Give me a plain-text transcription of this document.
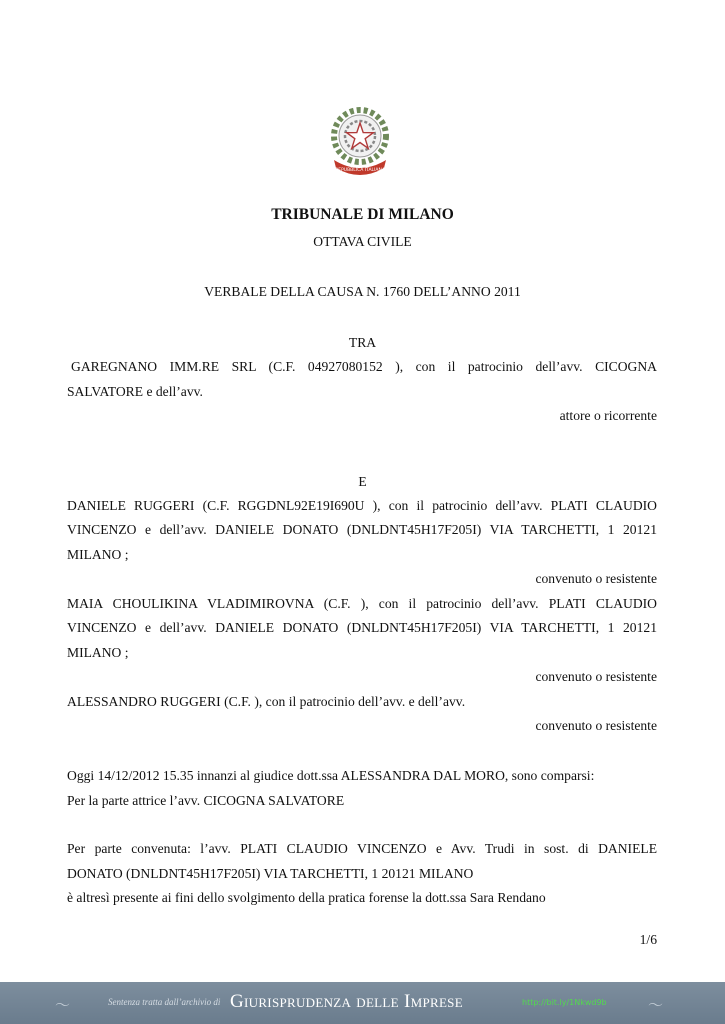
REPUBBLICA ITALIANA
TRIBUNALE DI MILANO
OTTAVA CIVILE
VERBALE DELLA CAUSA N. 1760 DELL’ANNO 2011
TRA
GAREGNANO IMM.RE SRL (C.F. 04927080152 ), con il patrocinio dell’avv. CICOGNA
SALVATORE e dell’avv.
attore o ricorrente
E
DANIELE RUGGERI (C.F. RGGDNL92E19I690U ), con il patrocinio dell’avv. PLATI CLAUDIO
VINCENZO e dell’avv. DANIELE DONATO (DNLDNT45H17F205I) VIA TARCHETTI, 1 20121
MILANO ;
convenuto o resistente
MAIA CHOULIKINA VLADIMIROVNA (C.F. ), con il patrocinio dell’avv. PLATI CLAUDIO
VINCENZO e dell’avv. DANIELE DONATO (DNLDNT45H17F205I) VIA TARCHETTI, 1 20121
MILANO ;
convenuto o resistente
ALESSANDRO RUGGERI (C.F. ), con il patrocinio dell’avv. e dell’avv.
convenuto o resistente
Oggi 14/12/2012 15.35 innanzi al giudice dott.ssa ALESSANDRA DAL MORO, sono comparsi:
Per la parte attrice l’avv. CICOGNA SALVATORE
Per parte convenuta: l’avv. PLATI CLAUDIO VINCENZO e Avv. Trudi in sost. di DANIELE
DONATO (DNLDNT45H17F205I) VIA TARCHETTI, 1 20121 MILANO
è altresì presente ai fini dello svolgimento della pratica forense la dott.ssa Sara Rendano
1/6
〜	Sentenza tratta dall’archivio di Giurisprudenza delle Imprese	http://bit.ly/1Nkwd9b	〜
